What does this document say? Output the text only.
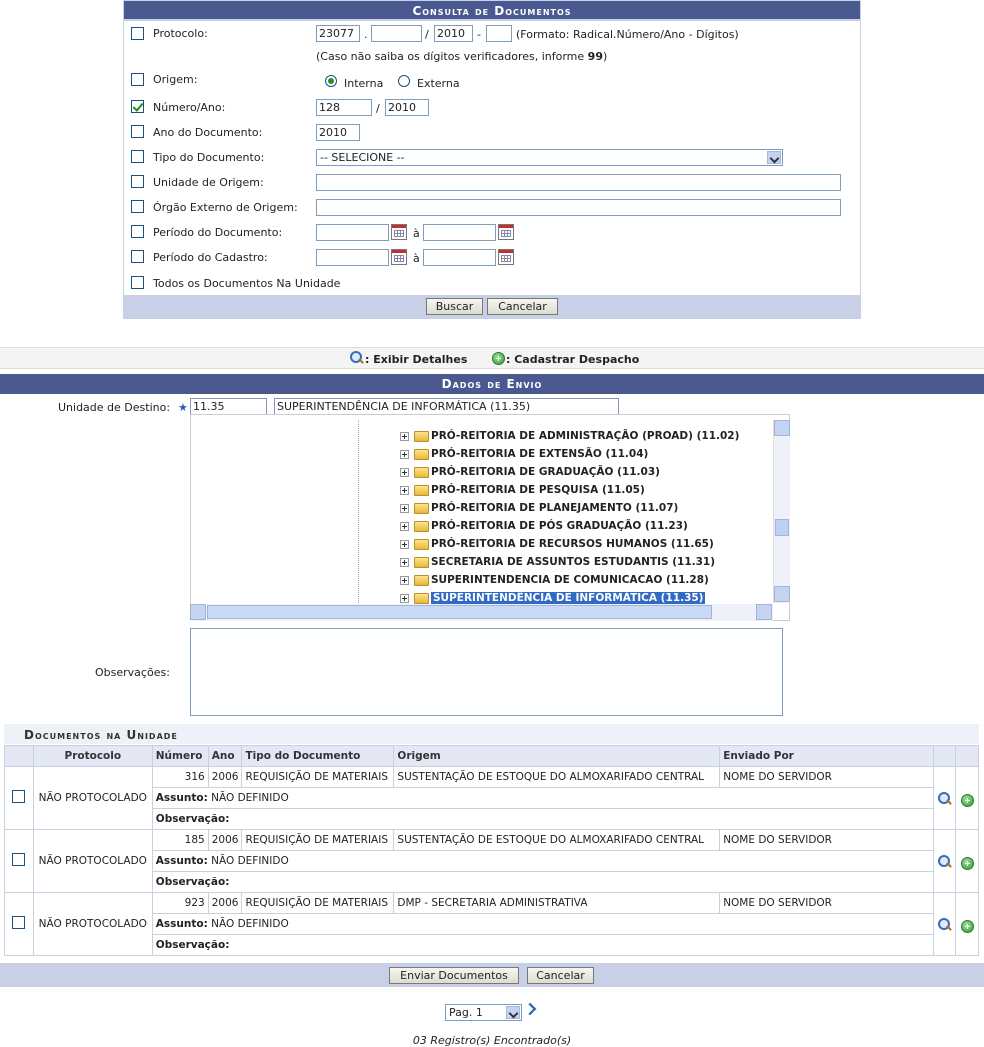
Consulta de Documentos
Protocolo:	23077 .	/ 2010	-	(Formato: Radical.Número/Ano - Dígitos)
(Caso não saiba os dígitos verificadores, informe 99)
Origem:	Interna	Externa
Número/Ano:	128	/ 2010
Ano do Documento:	2010
Tipo do Documento:	-- SELECIONE --
Unidade de Origem:
Órgão Externo de Origem:
Período do Documento:	à
Período do Cadastro:	à
Todos os Documentos Na Unidade
Buscar	Cancelar
: Exibir Detalhes	: Cadastrar Despacho
Dados de Envio
Unidade de Destino: ★ 11.35	SUPERINTENDÊNCIA DE INFORMÁTICA (11.35)
PRÓ-REITORIA DE ADMINISTRAÇÃO (PROAD) (11.02)
PRÓ-REITORIA DE EXTENSÃO (11.04)
PRÓ-REITORIA DE GRADUAÇÃO (11.03)
PRÓ-REITORIA DE PESQUISA (11.05)
PRÓ-REITORIA DE PLANEJAMENTO (11.07)
PRÓ-REITORIA DE PÓS GRADUAÇÃO (11.23)
PRÓ-REITORIA DE RECURSOS HUMANOS (11.65)
SECRETARIA DE ASSUNTOS ESTUDANTIS (11.31)
SUPERINTENDENCIA DE COMUNICACAO (11.28)
SUPERINTENDÊNCIA DE INFORMÁTICA (11.35)
Observações:
Documentos na Unidade
	Protocolo	Número	Ano	Tipo do Documento	Origem	Enviado Por		
	NÃO PROTOCOLADO	316	2006	REQUISIÇÃO DE MATERIAIS	SUSTENTAÇÃO DE ESTOQUE DO ALMOXARIFADO CENTRAL	NOME DO SERVIDOR	

		Assunto: NÃO DEFINIDO						
		Observação:						
	NÃO PROTOCOLADO	185	2006	REQUISIÇÃO DE MATERIAIS	SUSTENTAÇÃO DE ESTOQUE DO ALMOXARIFADO CENTRAL	NOME DO SERVIDOR	

		Assunto: NÃO DEFINIDO						
		Observação:						
	NÃO PROTOCOLADO	923	2006	REQUISIÇÃO DE MATERIAIS	DMP - SECRETARIA ADMINISTRATIVA	NOME DO SERVIDOR	

		Assunto: NÃO DEFINIDO						
		Observação:						
Enviar Documentos	Cancelar
Pag. 1
03 Registro(s) Encontrado(s)
